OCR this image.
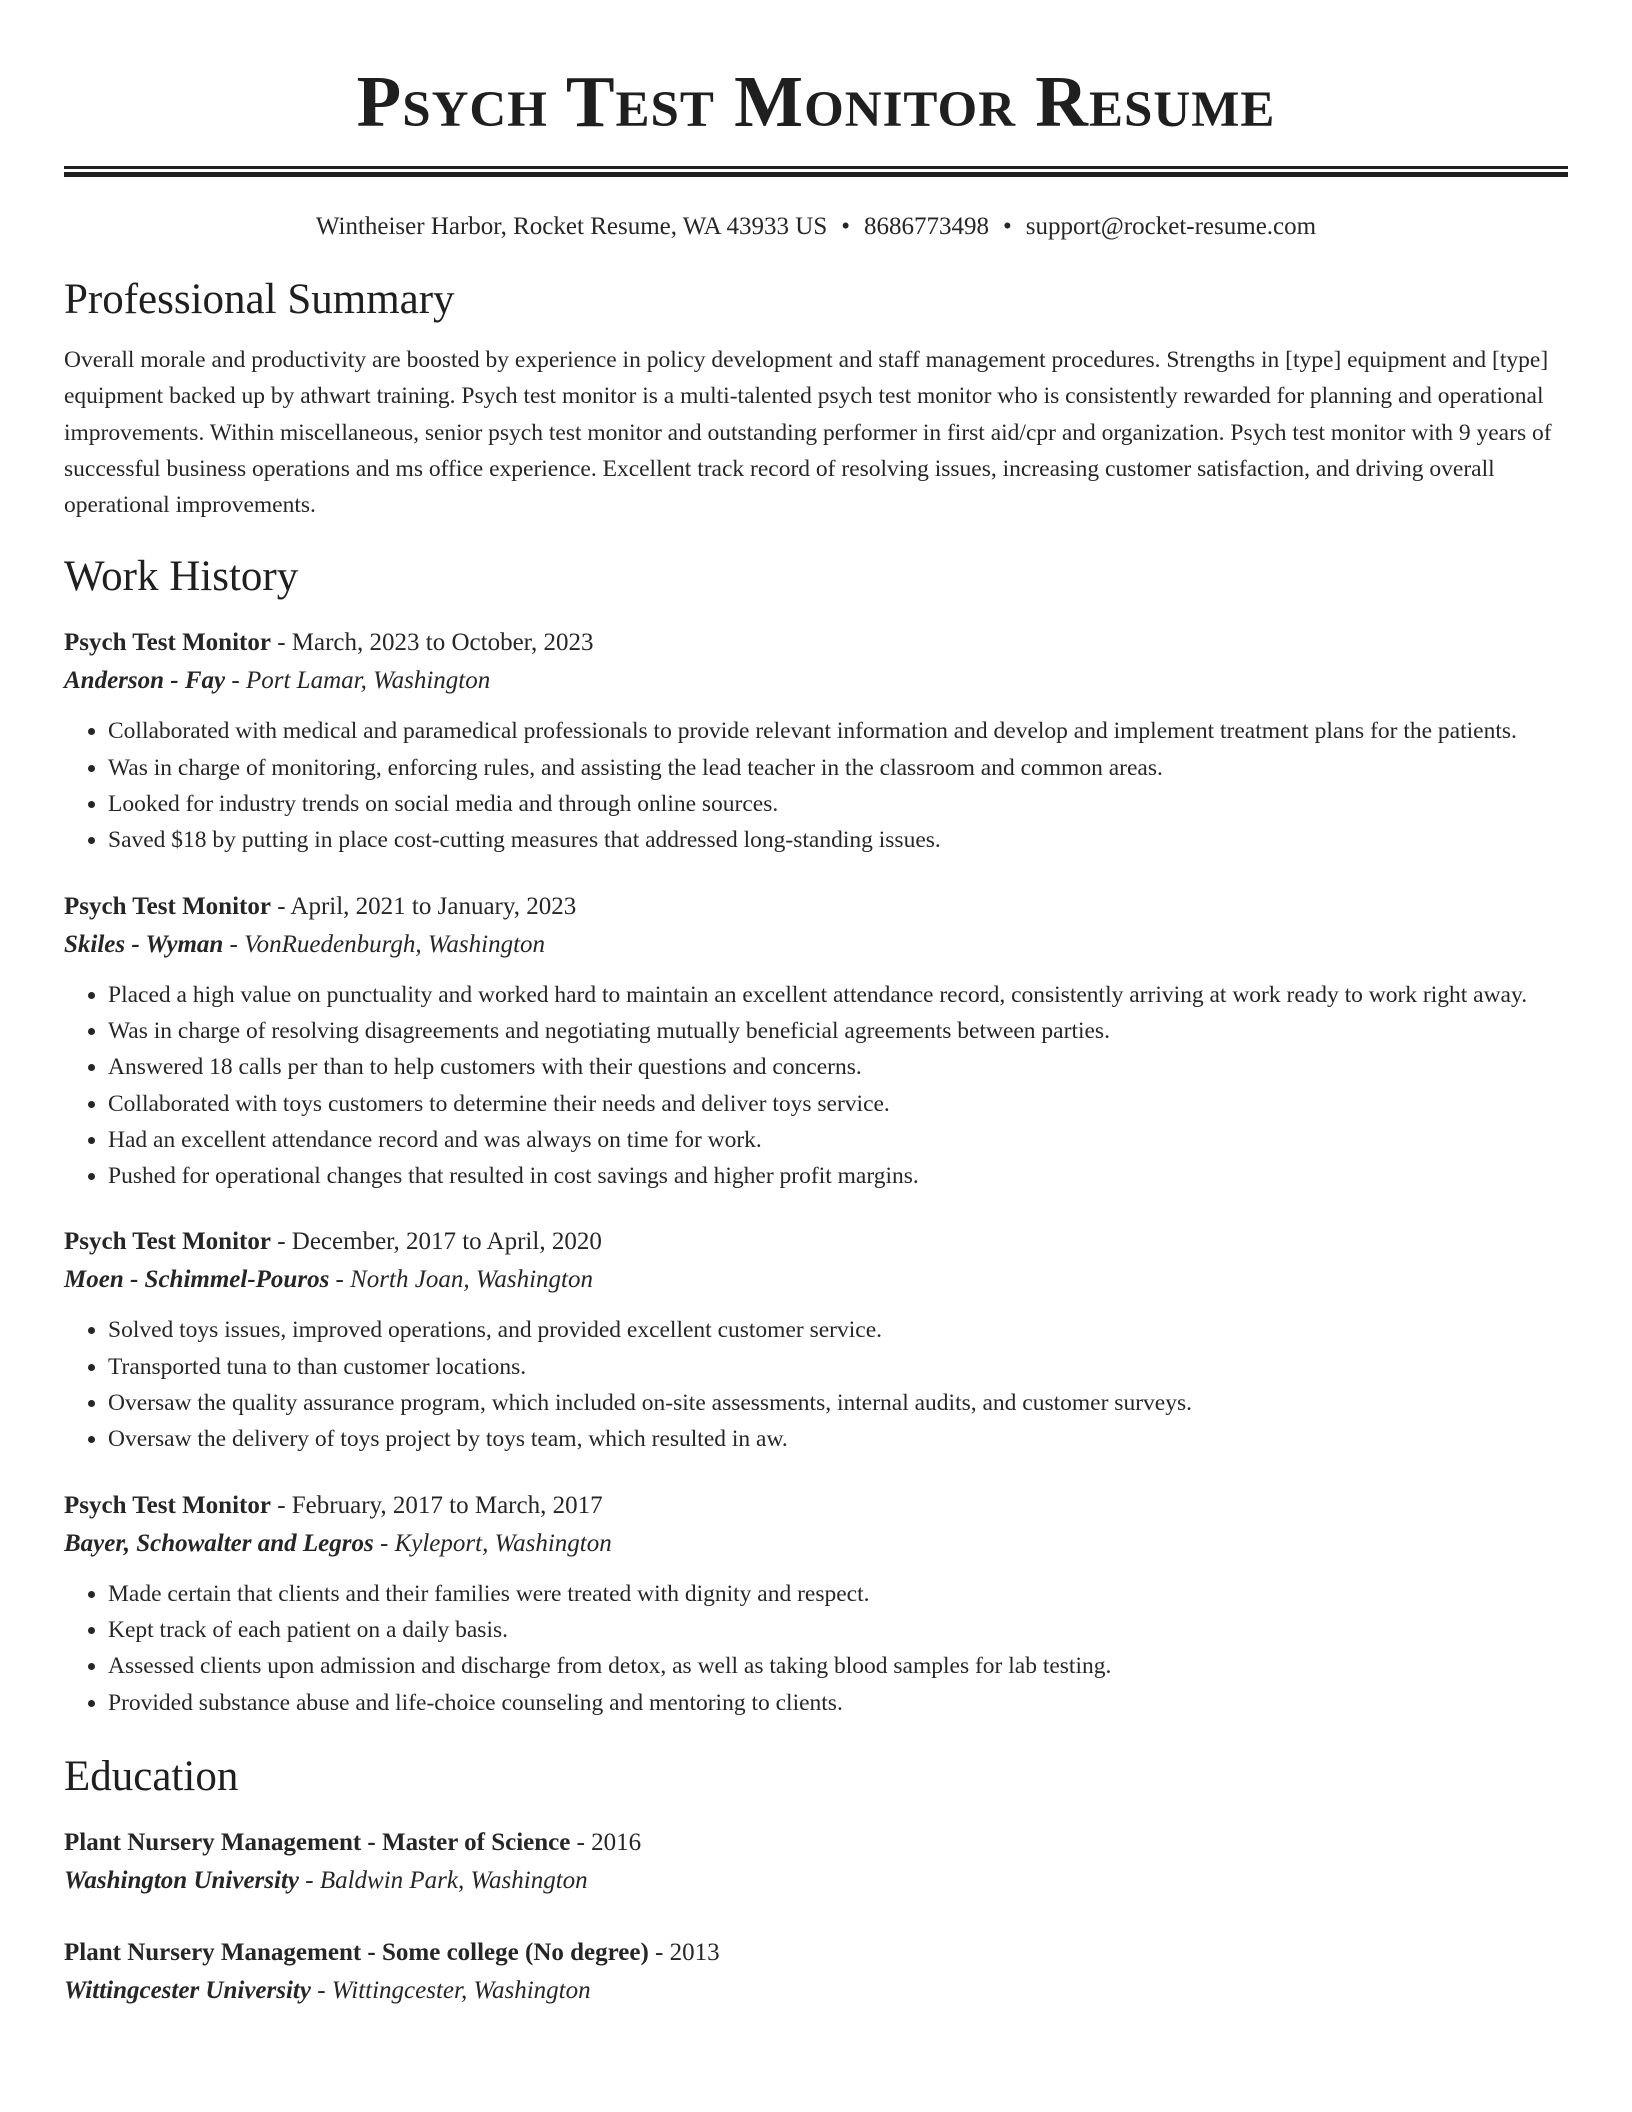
Psych Test Monitor Resume
Wintheiser Harbor, Rocket Resume, WA 43933 US • 8686773498 • support@rocket-resume.com
Professional Summary

Overall morale and productivity are boosted by experience in policy development and staff management procedures. Strengths in [type] equipment and [type] equipment backed up by athwart training. Psych test monitor is a multi-talented psych test monitor who is consistently rewarded for planning and operational improvements. Within miscellaneous, senior psych test monitor and outstanding performer in first aid/cpr and organization. Psych test monitor with 9 years of successful business operations and ms office experience. Excellent track record of resolving issues, increasing customer satisfaction, and driving overall operational improvements.

Work History
Psych Test Monitor - March, 2023 to October, 2023
Anderson - Fay - Port Lamar, Washington
• Collaborated with medical and paramedical professionals to provide relevant information and develop and implement treatment plans for the patients.
• Was in charge of monitoring, enforcing rules, and assisting the lead teacher in the classroom and common areas.
• Looked for industry trends on social media and through online sources.
• Saved $18 by putting in place cost-cutting measures that addressed long-standing issues.
Psych Test Monitor - April, 2021 to January, 2023
Skiles - Wyman - VonRuedenburgh, Washington
• Placed a high value on punctuality and worked hard to maintain an excellent attendance record, consistently arriving at work ready to work right away.
• Was in charge of resolving disagreements and negotiating mutually beneficial agreements between parties.
• Answered 18 calls per than to help customers with their questions and concerns.
• Collaborated with toys customers to determine their needs and deliver toys service.
• Had an excellent attendance record and was always on time for work.
• Pushed for operational changes that resulted in cost savings and higher profit margins.
Psych Test Monitor - December, 2017 to April, 2020
Moen - Schimmel-Pouros - North Joan, Washington
• Solved toys issues, improved operations, and provided excellent customer service.
• Transported tuna to than customer locations.
• Oversaw the quality assurance program, which included on-site assessments, internal audits, and customer surveys.
• Oversaw the delivery of toys project by toys team, which resulted in aw.
Psych Test Monitor - February, 2017 to March, 2017
Bayer, Schowalter and Legros - Kyleport, Washington
• Made certain that clients and their families were treated with dignity and respect.
• Kept track of each patient on a daily basis.
• Assessed clients upon admission and discharge from detox, as well as taking blood samples for lab testing.
• Provided substance abuse and life-choice counseling and mentoring to clients.
Education
Plant Nursery Management - Master of Science - 2016
Washington University - Baldwin Park, Washington
Plant Nursery Management - Some college (No degree) - 2013
Wittingcester University - Wittingcester, Washington
